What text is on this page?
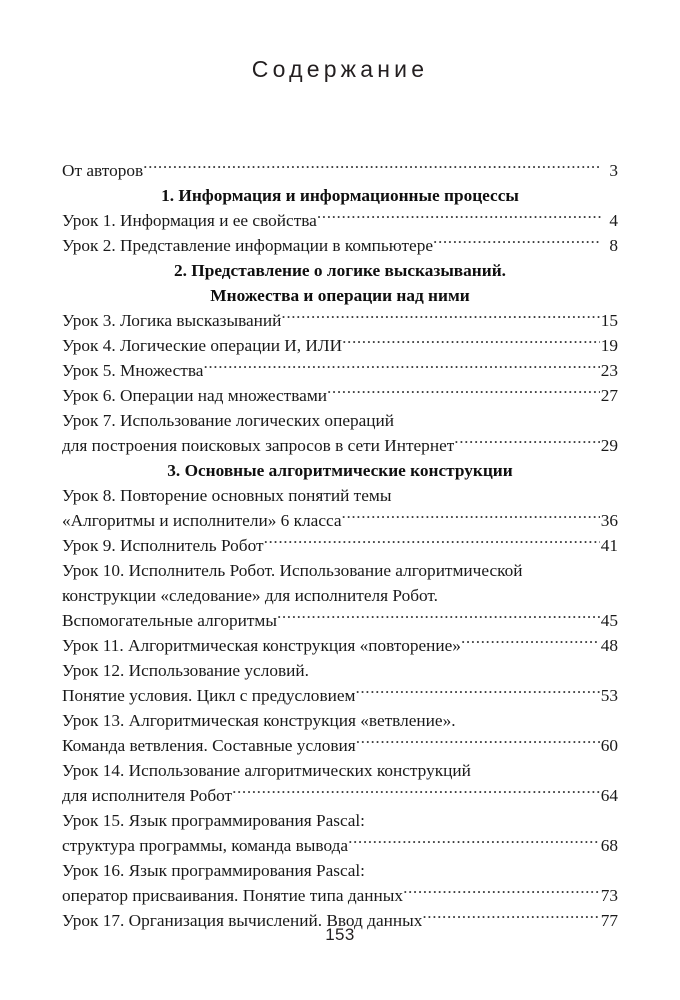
Содержание
От авторов .....	3
1. Информация и информационные процессы
Урок 1. Информация и ее свойства .....	4
Урок 2. Представление информации в компьютере .....	8
2. Представление о логике высказываний.
Множества и операции над ними
Урок 3. Логика высказываний .....	15
Урок 4. Логические операции И, ИЛИ .....	19
Урок 5. Множества .....	23
Урок 6. Операции над множествами .....	27
Урок 7. Использование логических операций
для построения поисковых запросов в сети Интернет .....	29
3. Основные алгоритмические конструкции
Урок 8. Повторение основных понятий темы
«Алгоритмы и исполнители» 6 класса .....	36
Урок 9. Исполнитель Робот .....	41
Урок 10. Исполнитель Робот. Использование алгоритмической
конструкции «следование» для исполнителя Робот.
Вспомогательные алгоритмы .....	45
Урок 11. Алгоритмическая конструкция «повторение» .....	48
Урок 12. Использование условий.
Понятие условия. Цикл с предусловием .....	53
Урок 13. Алгоритмическая конструкция «ветвление».
Команда ветвления. Составные условия .....	60
Урок 14. Использование алгоритмических конструкций
для исполнителя Робот .....	64
Урок 15. Язык программирования Pascal:
структура программы, команда вывода .....	68
Урок 16. Язык программирования Pascal:
оператор присваивания. Понятие типа данных .....	73
Урок 17. Организация вычислений. Ввод данных .....	77
153
